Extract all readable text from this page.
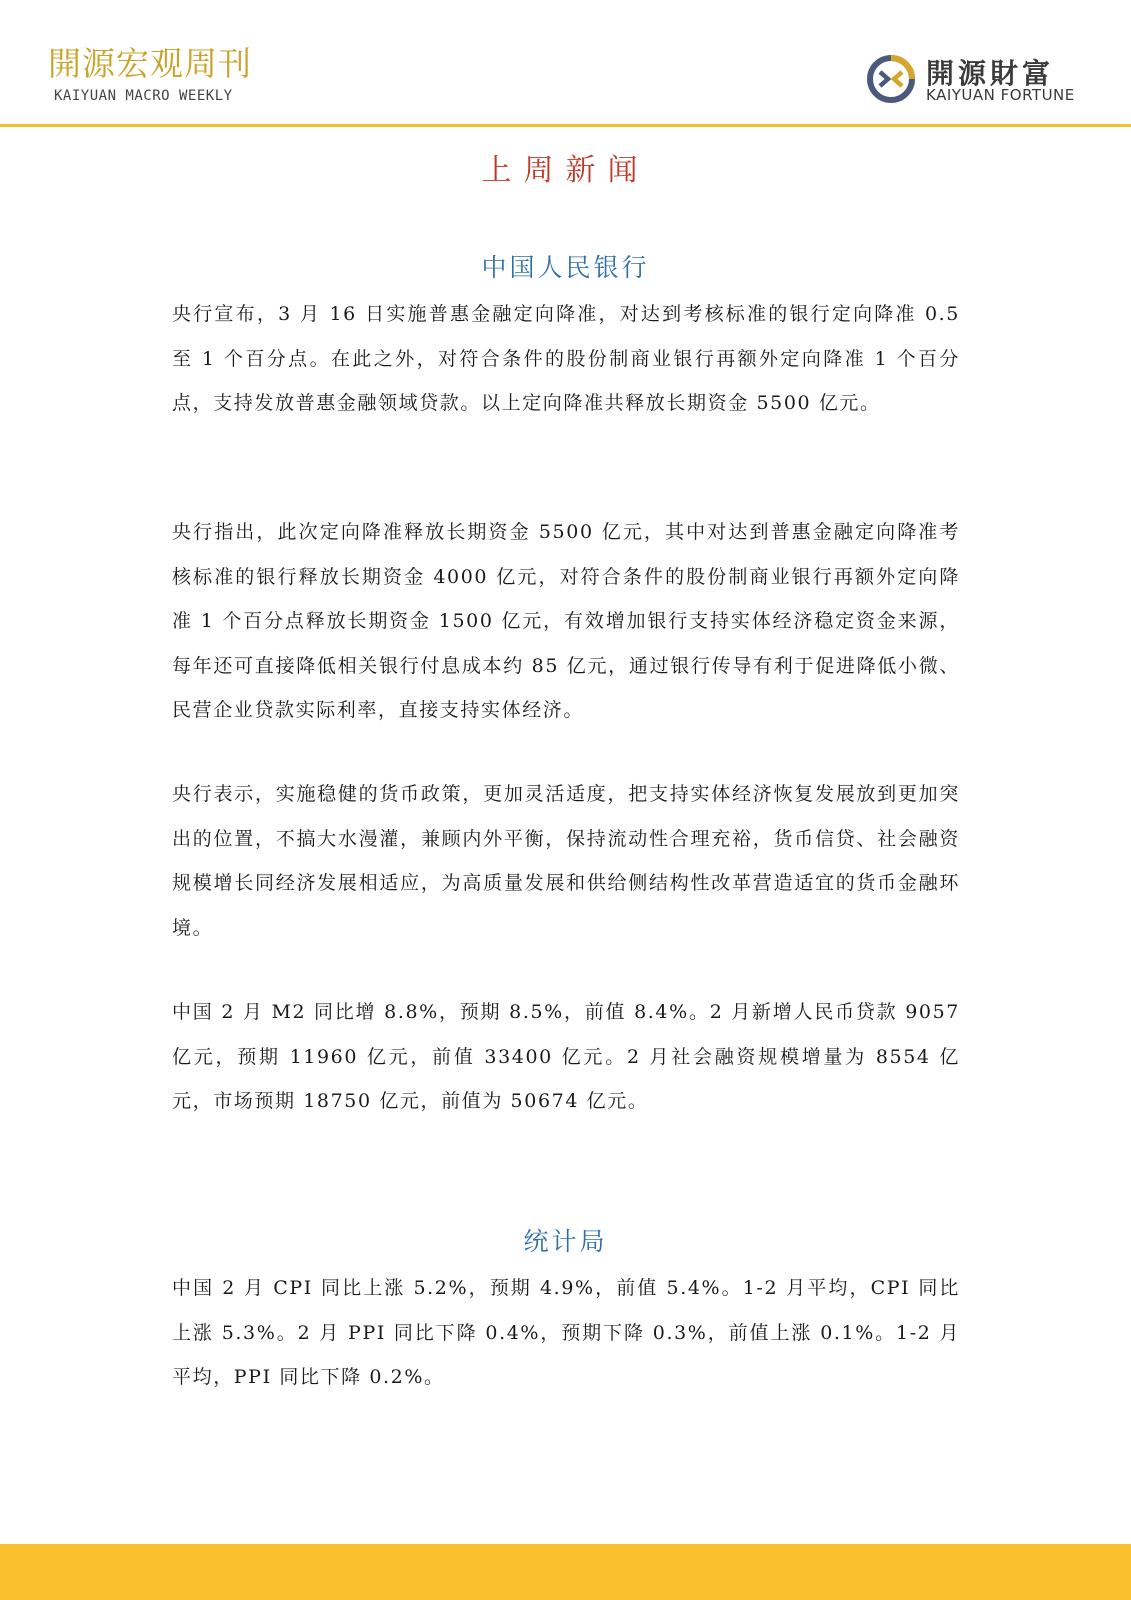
開源宏观周刊
KAIYUAN MACRO WEEKLY
開源財富
KAIYUAN FORTUNE
上周新闻
中国人民银行

央行宣布，3 月 16 日实施普惠金融定向降准，对达到考核标准的银行定向降准 0.5 至 1 个百分点。在此之外，对符合条件的股份制商业银行再额外定向降准 1 个百分点，支持发放普惠金融领域贷款。以上定向降准共释放长期资金 5500 亿元。

央行指出，此次定向降准释放长期资金 5500 亿元，其中对达到普惠金融定向降准考核标准的银行释放长期资金 4000 亿元，对符合条件的股份制商业银行再额外定向降准 1 个百分点释放长期资金 1500 亿元，有效增加银行支持实体经济稳定资金来源，每年还可直接降低相关银行付息成本约 85 亿元，通过银行传导有利于促进降低小微、民营企业贷款实际利率，直接支持实体经济。

央行表示，实施稳健的货币政策，更加灵活适度，把支持实体经济恢复发展放到更加突出的位置，不搞大水漫灌，兼顾内外平衡，保持流动性合理充裕，货币信贷、社会融资规模增长同经济发展相适应，为高质量发展和供给侧结构性改革营造适宜的货币金融环境。

中国 2 月 M2 同比增 8.8%，预期 8.5%，前值 8.4%。2 月新增人民币贷款 9057 亿元，预期 11960 亿元，前值 33400 亿元。2 月社会融资规模增量为 8554 亿元，市场预期 18750 亿元，前值为 50674 亿元。

统计局

中国 2 月 CPI 同比上涨 5.2%，预期 4.9%，前值 5.4%。1-2 月平均，CPI 同比上涨 5.3%。2 月 PPI 同比下降 0.4%，预期下降 0.3%，前值上涨 0.1%。1-2 月平均，PPI 同比下降 0.2%。
